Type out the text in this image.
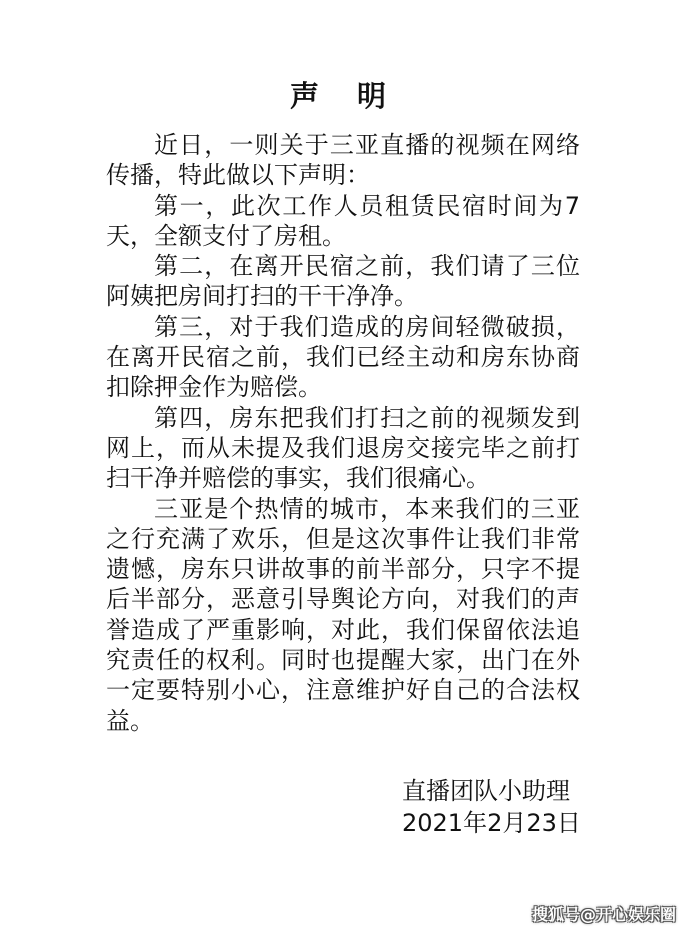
声 明

近日，一则关于三亚直播的视频在网络传播，特此做以下声明：

第一，此次工作人员租赁民宿时间为7天，全额支付了房租。

第二，在离开民宿之前，我们请了三位阿姨把房间打扫的干干净净。

第三，对于我们造成的房间轻微破损，在离开民宿之前，我们已经主动和房东协商扣除押金作为赔偿。

第四，房东把我们打扫之前的视频发到网上，而从未提及我们退房交接完毕之前打扫干净并赔偿的事实，我们很痛心。

三亚是个热情的城市，本来我们的三亚之行充满了欢乐，但是这次事件让我们非常遗憾，房东只讲故事的前半部分，只字不提后半部分，恶意引导舆论方向，对我们的声誉造成了严重影响，对此，我们保留依法追究责任的权利。同时也提醒大家，出门在外一定要特别小心，注意维护好自己的合法权益。

直播团队小助理
2021年2月23日
搜狐号@开心娱乐圈
